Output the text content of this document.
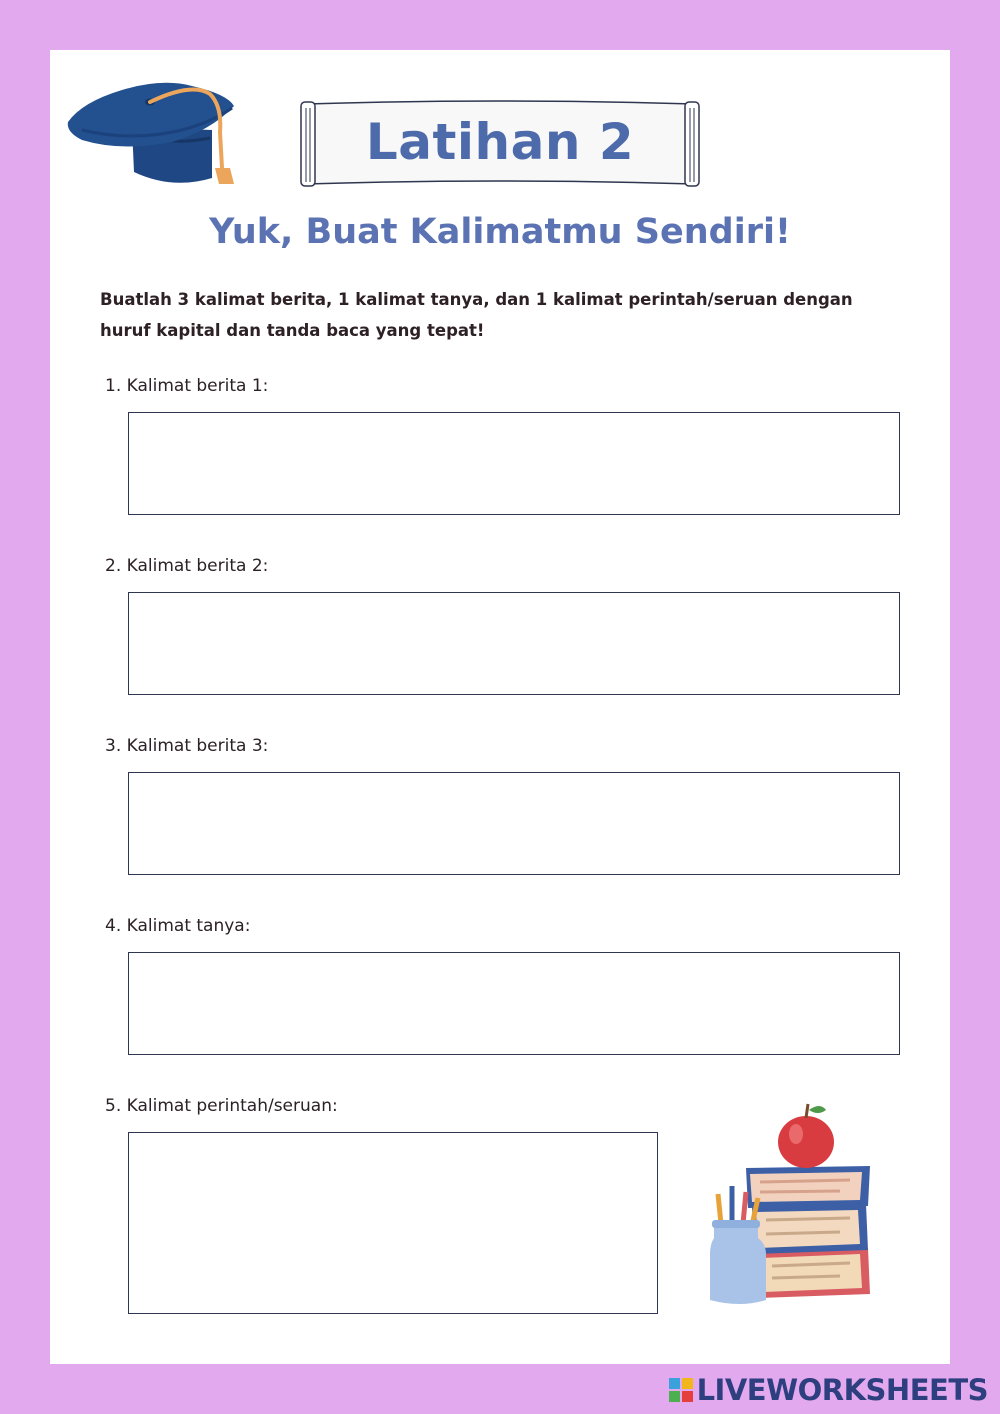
Latihan 2
Yuk, Buat Kalimatmu Sendiri!
Buatlah 3 kalimat berita, 1 kalimat tanya, dan 1 kalimat perintah/seruan dengan
huruf kapital dan tanda baca yang tepat!
1. Kalimat berita 1:
2. Kalimat berita 2:
3. Kalimat berita 3:
4. Kalimat tanya:
5. Kalimat perintah/seruan:
LIVEWORKSHEETS
